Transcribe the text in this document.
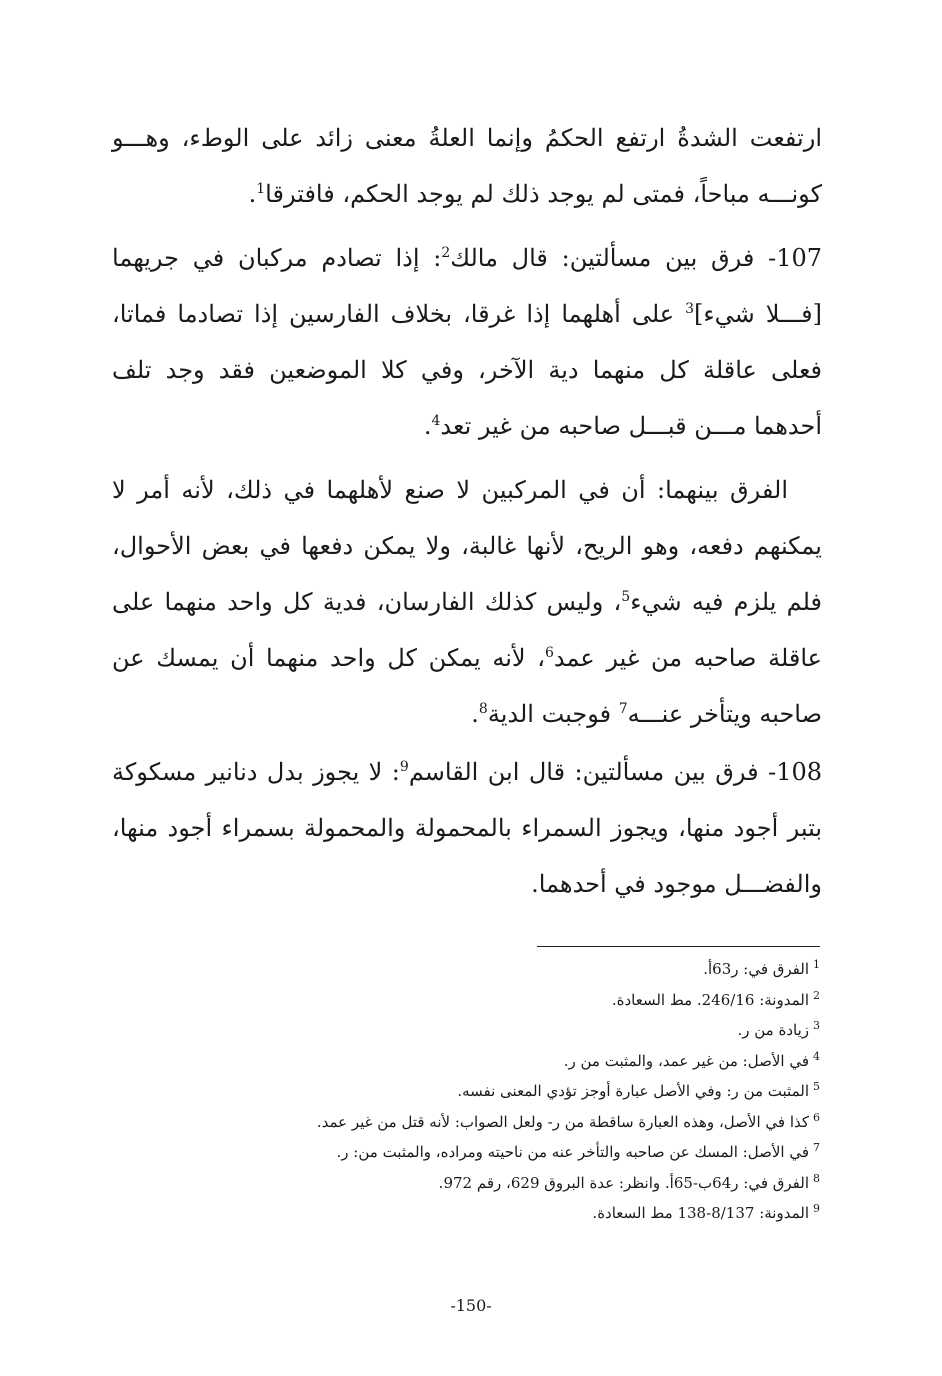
ارتفعت الشدةُ ارتفع الحكمُ وإنما العلةُ معنى زائد على الوطء، وهـــو كونـــه مباحاً، فمتى لم يوجد ذلك لم يوجد الحكم، فافترقا$^1$.

107- فرق بين مسألتين: قال مالك$^2$: إذا تصادم مركبان في جريهما [فـــلا شيء]$^3$ على أهلهما إذا غرقا، بخلاف الفارسين إذا تصادما فماتا، فعلى عاقلة كل منهما دية الآخر، وفي كلا الموضعين فقد وجد تلف أحدهما مـــن قبـــل صاحبه من غير تعد$^4$.

الفرق بينهما: أن في المركبين لا صنع لأهلهما في ذلك، لأنه أمر لا يمكنهم دفعه، وهو الريح، لأنها غالبة، ولا يمكن دفعها في بعض الأحوال، فلم يلزم فيه شيء$^5$، وليس كذلك الفارسان، فدية كل واحد منهما على عاقلة صاحبه من غير عمد$^6$، لأنه يمكن كل واحد منهما أن يمسك عن صاحبه ويتأخر عنـــه$^7$ فوجبت الدية$^8$.

108- فرق بين مسألتين: قال ابن القاسم$^9$: لا يجوز بدل دنانير مسكوكة بتبر أجود منها، ويجوز السمراء بالمحمولة والمحمولة بسمراء أجود منها، والفضـــل موجود في أحدهما.

$^1$الفرق في: ر63أ.
$^2$المدونة: 246/16. مط السعادة.
$^3$زيادة من ر.
$^4$في الأصل: من غير عمد، والمثبت من ر.
$^5$المثبت من ر: وفي الأصل عبارة أوجز تؤدي المعنى نفسه.
$^6$كذا في الأصل، وهذه العبارة ساقطة من ر- ولعل الصواب: لأنه قتل من غير عمد.
$^7$في الأصل: المسك عن صاحبه والتأخر عنه من ناحيته ومراده، والمثبت من: ر.
$^8$الفرق في: ر64ب-65أ. وانظر: عدة البروق 629، رقم 972.
$^9$المدونة: 8/137-138 مط السعادة.
-150-
